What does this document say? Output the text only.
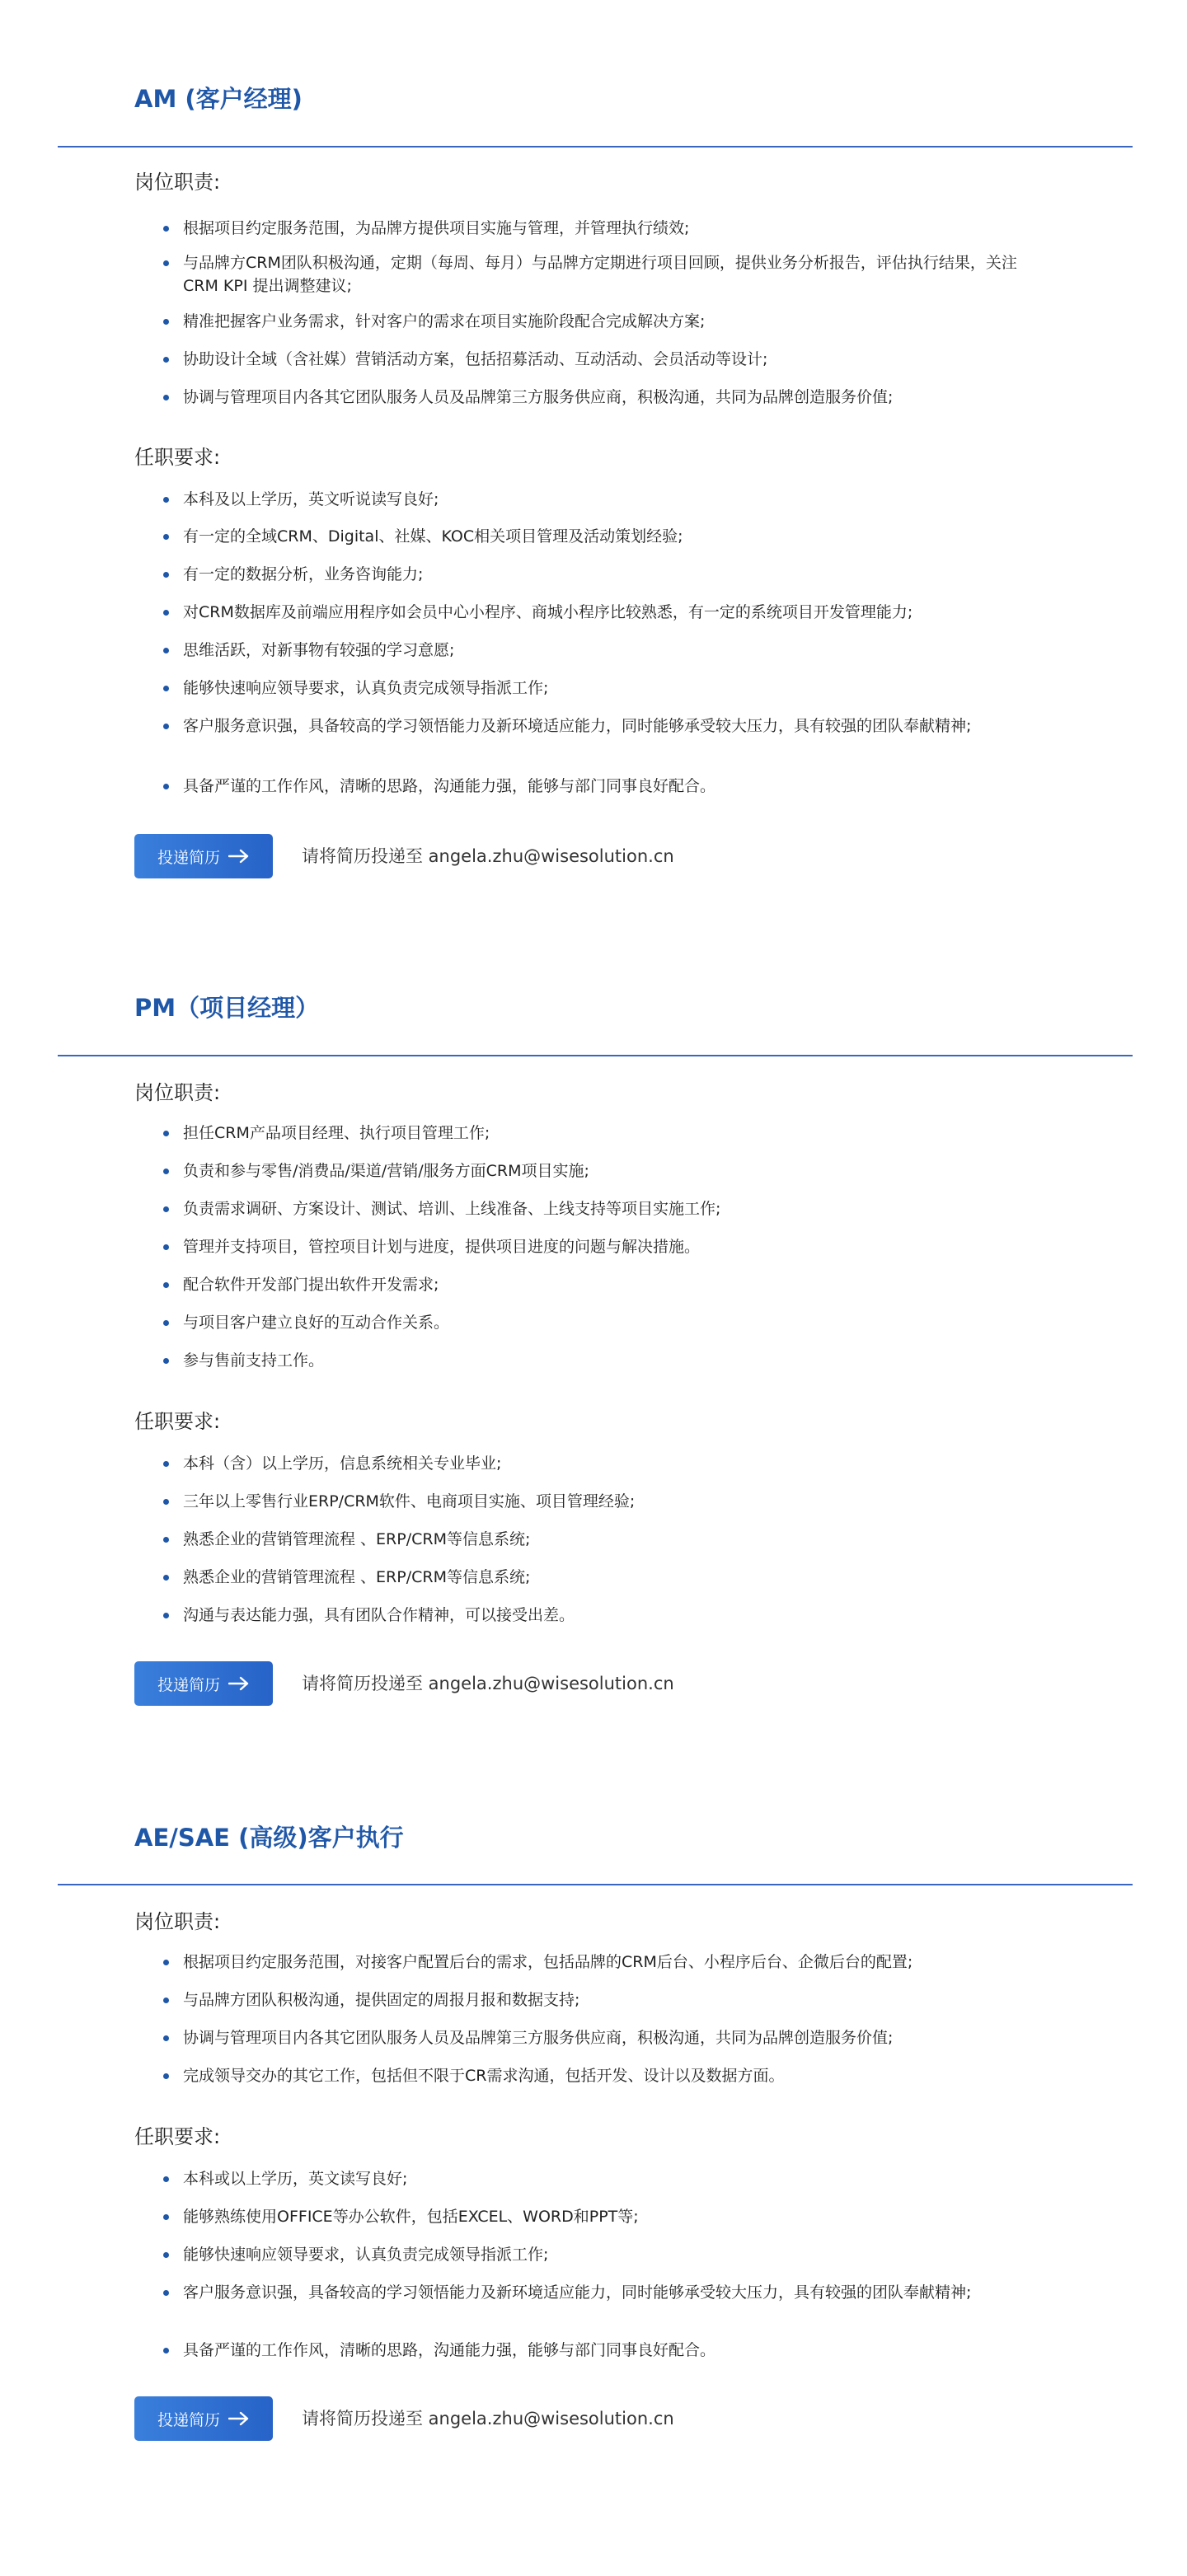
AM (客户经理)
岗位职责:
根据项目约定服务范围，为品牌方提供项目实施与管理，并管理执行绩效;
与品牌方CRM团队积极沟通，定期（每周、每月）与品牌方定期进行项目回顾，提供业务分析报告，评估执行结果，关注CRM KPI 提出调整建议;
精准把握客户业务需求，针对客户的需求在项目实施阶段配合完成解决方案;
协助设计全域（含社媒）营销活动方案，包括招募活动、互动活动、会员活动等设计;
协调与管理项目内各其它团队服务人员及品牌第三方服务供应商，积极沟通，共同为品牌创造服务价值;
任职要求:
本科及以上学历，英文听说读写良好;
有一定的全域CRM、Digital、社媒、KOC相关项目管理及活动策划经验;
有一定的数据分析，业务咨询能力;
对CRM数据库及前端应用程序如会员中心小程序、商城小程序比较熟悉，有一定的系统项目开发管理能力;
思维活跃，对新事物有较强的学习意愿;
能够快速响应领导要求，认真负责完成领导指派工作;
客户服务意识强，具备较高的学习领悟能力及新环境适应能力，同时能够承受较大压力，具有较强的团队奉献精神;
具备严谨的工作作风，清晰的思路，沟通能力强，能够与部门同事良好配合。
投递简历	请将简历投递至 angela.zhu@wisesolution.cn
PM（项目经理）
岗位职责:
担任CRM产品项目经理、执行项目管理工作;
负责和参与零售/消费品/渠道/营销/服务方面CRM项目实施;
负责需求调研、方案设计、测试、培训、上线准备、上线支持等项目实施工作;
管理并支持项目，管控项目计划与进度，提供项目进度的问题与解决措施。
配合软件开发部门提出软件开发需求;
与项目客户建立良好的互动合作关系。
参与售前支持工作。
任职要求:
本科（含）以上学历，信息系统相关专业毕业;
三年以上零售行业ERP/CRM软件、电商项目实施、项目管理经验;
熟悉企业的营销管理流程 、ERP/CRM等信息系统;
熟悉企业的营销管理流程 、ERP/CRM等信息系统;
沟通与表达能力强，具有团队合作精神，可以接受出差。
投递简历	请将简历投递至 angela.zhu@wisesolution.cn
AE/SAE (高级)客户执行
岗位职责:
根据项目约定服务范围，对接客户配置后台的需求，包括品牌的CRM后台、小程序后台、企微后台的配置;
与品牌方团队积极沟通，提供固定的周报月报和数据支持;
协调与管理项目内各其它团队服务人员及品牌第三方服务供应商，积极沟通，共同为品牌创造服务价值;
完成领导交办的其它工作，包括但不限于CR需求沟通，包括开发、设计以及数据方面。
任职要求:
本科或以上学历，英文读写良好;
能够熟练使用OFFICE等办公软件，包括EXCEL、WORD和PPT等;
能够快速响应领导要求，认真负责完成领导指派工作;
客户服务意识强，具备较高的学习领悟能力及新环境适应能力，同时能够承受较大压力，具有较强的团队奉献精神;
具备严谨的工作作风，清晰的思路，沟通能力强，能够与部门同事良好配合。
投递简历	请将简历投递至 angela.zhu@wisesolution.cn
